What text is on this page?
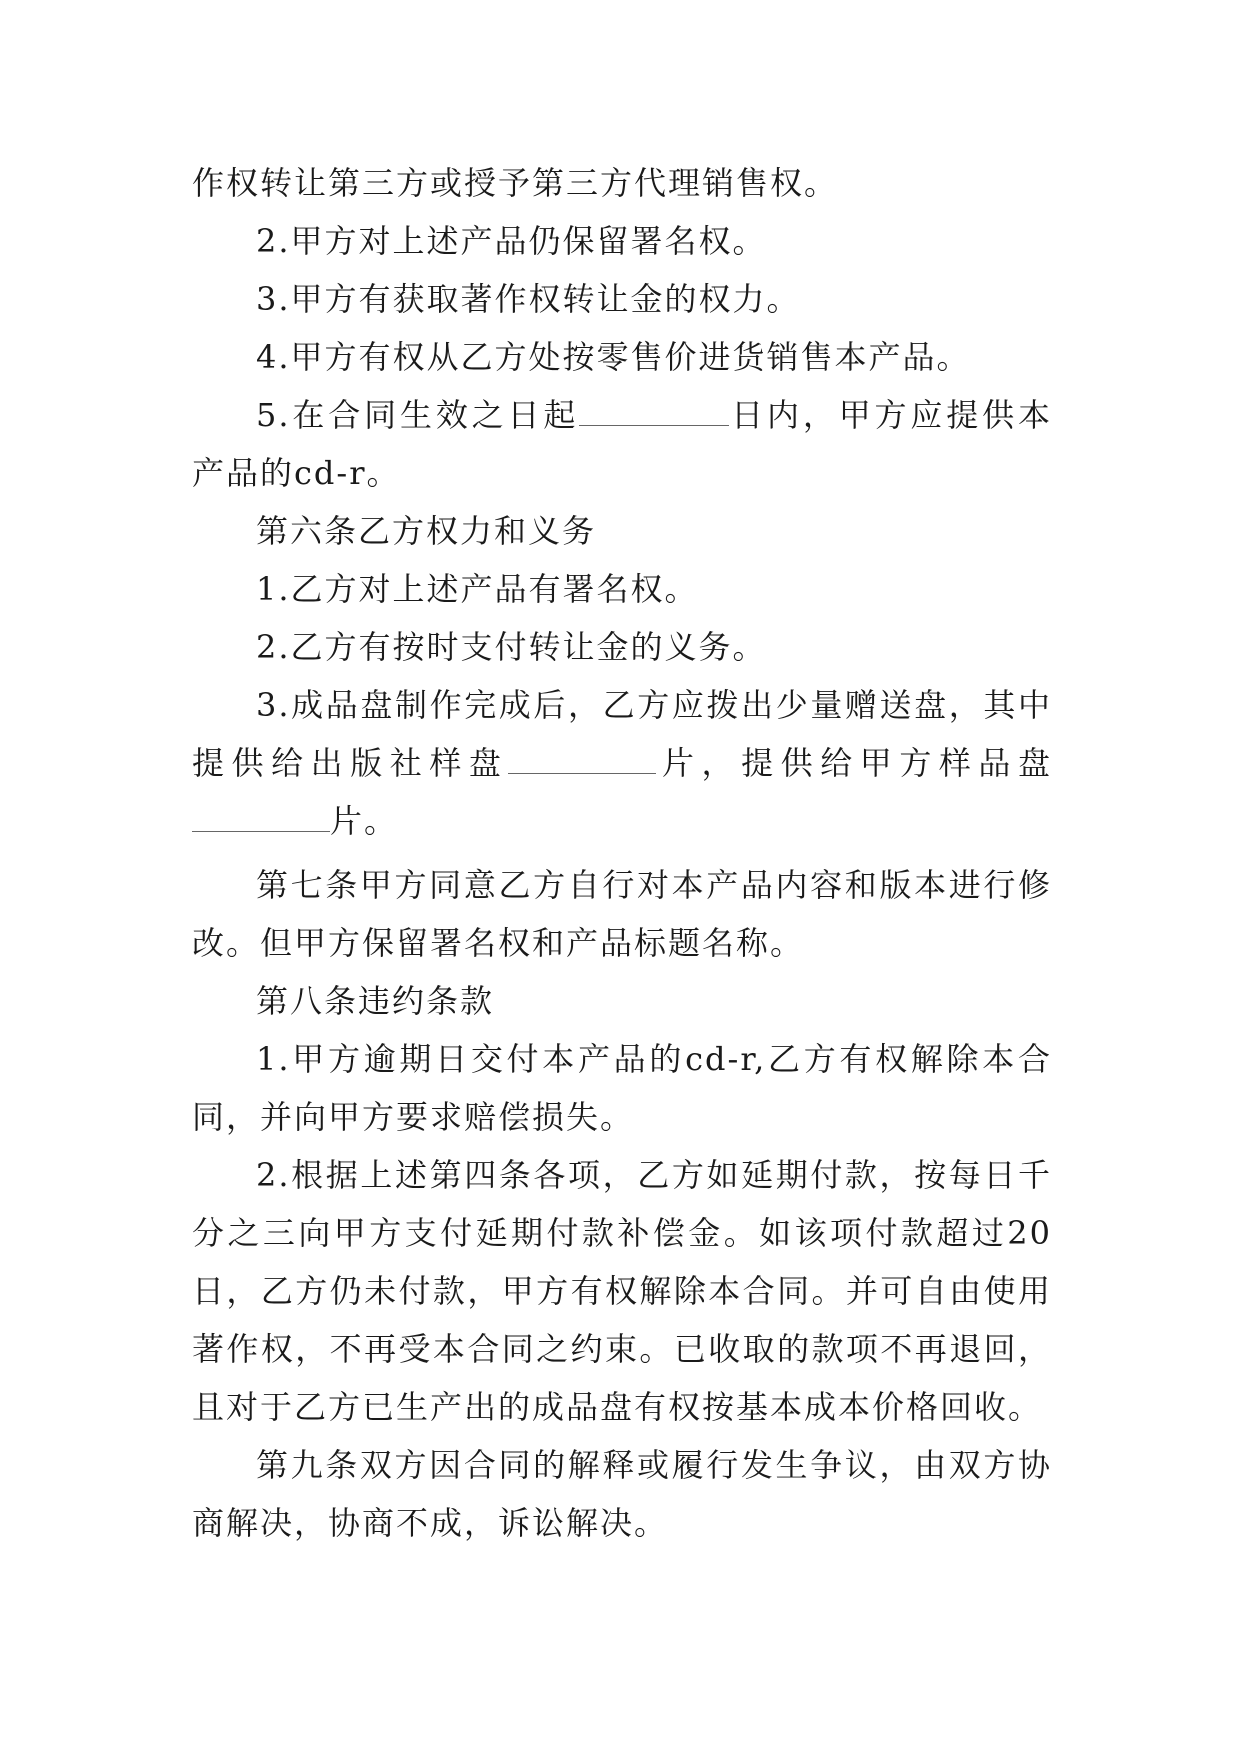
作权转让第三方或授予第三方代理销售权。

2.甲方对上述产品仍保留署名权。

3.甲方有获取著作权转让金的权力。

4.甲方有权从乙方处按零售价进货销售本产品。

5.在合同生效之日起	日内，甲方应提供本产品的cd-r。

第六条乙方权力和义务

1.乙方对上述产品有署名权。

2.乙方有按时支付转让金的义务。

3.成品盘制作完成后，乙方应拨出少量赠送盘，其中提供给出版社样盘	片，提供给甲方样品盘片。

第七条甲方同意乙方自行对本产品内容和版本进行修改。但甲方保留署名权和产品标题名称。

第八条违约条款

1.甲方逾期日交付本产品的cd-r,乙方有权解除本合同，并向甲方要求赔偿损失。

2.根据上述第四条各项，乙方如延期付款，按每日千分之三向甲方支付延期付款补偿金。如该项付款超过20日，乙方仍未付款，甲方有权解除本合同。并可自由使用著作权，不再受本合同之约束。已收取的款项不再退回，且对于乙方已生产出的成品盘有权按基本成本价格回收。

第九条双方因合同的解释或履行发生争议，由双方协商解决，协商不成，诉讼解决。
